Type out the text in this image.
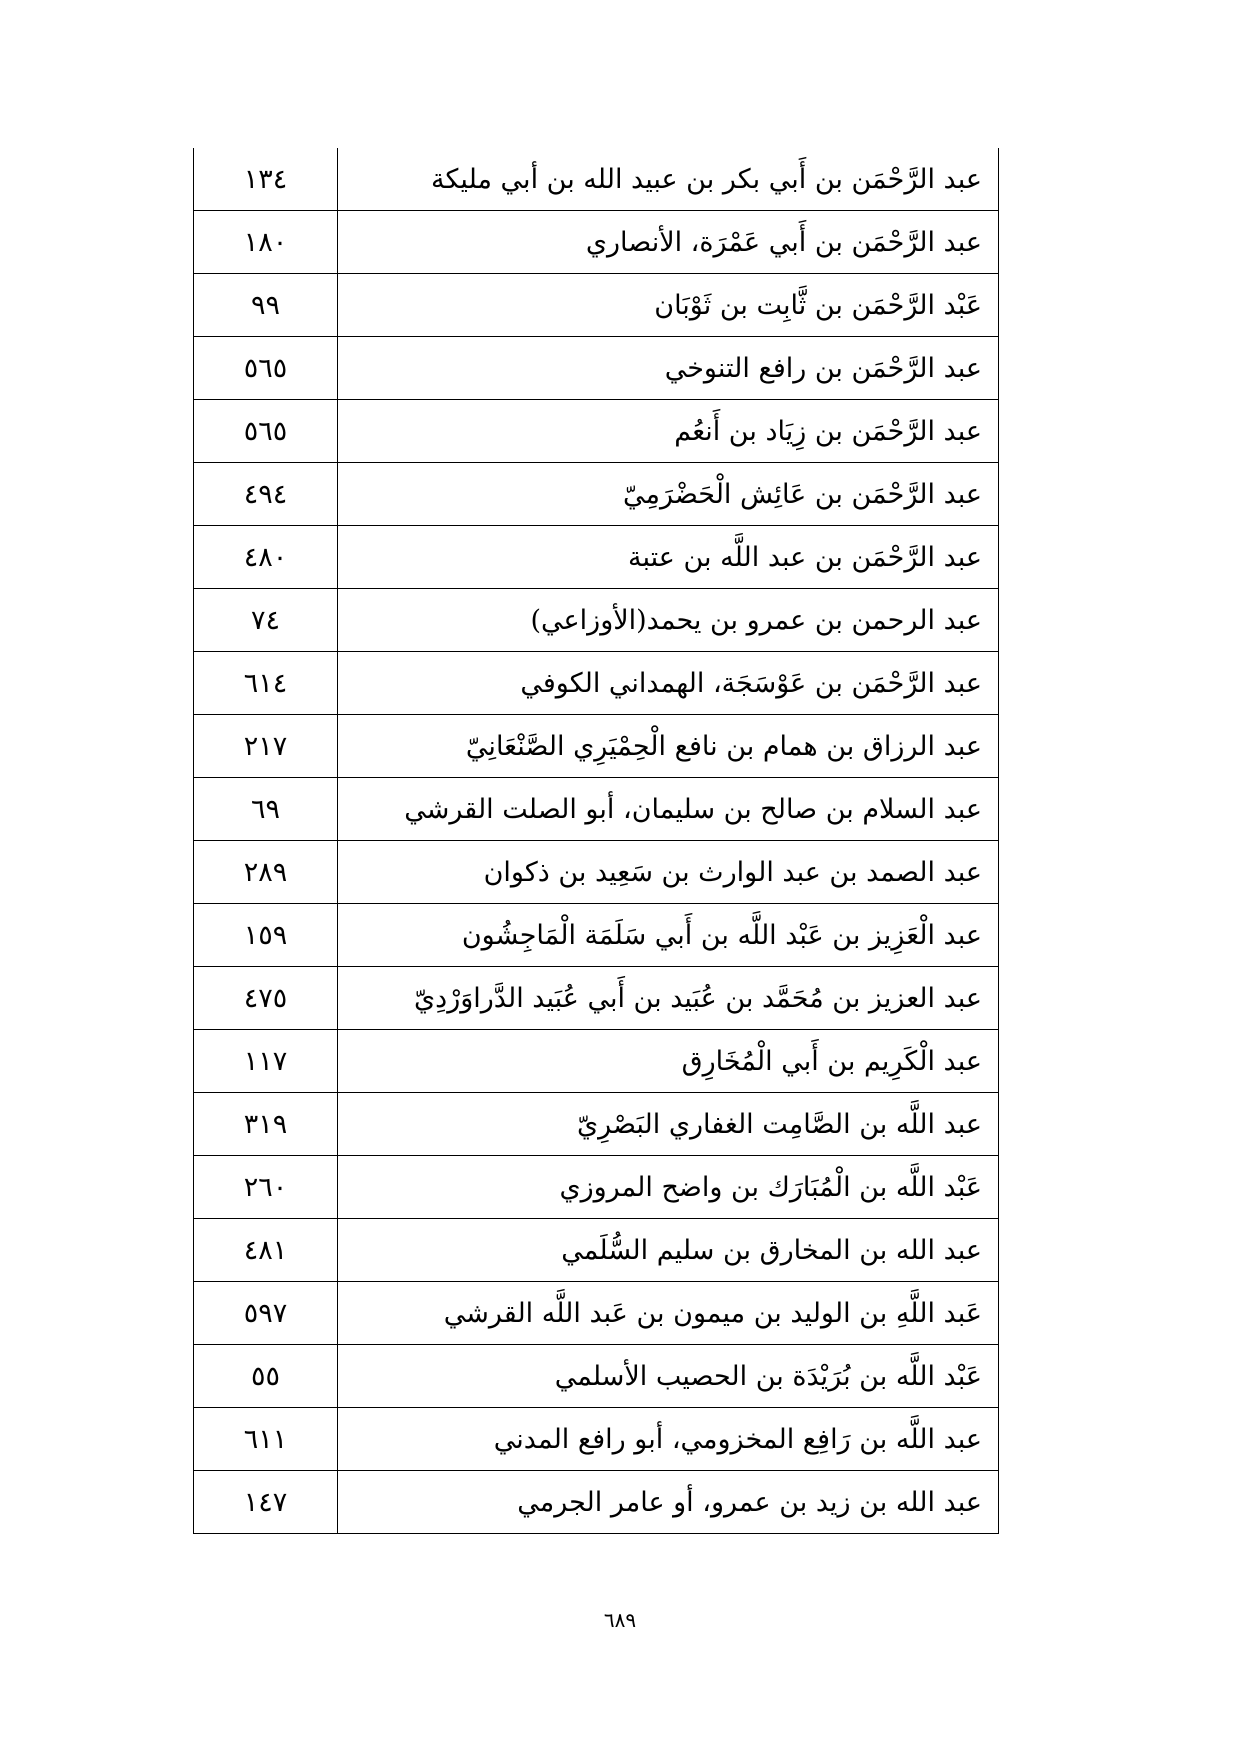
عبد الرَّحْمَن بن أَبي بكر بن عبيد الله بن أبي مليكة	١٣٤
عبد الرَّحْمَن بن أَبي عَمْرَة، الأنصاري	١٨٠
عَبْد الرَّحْمَن بن ثَّابِت بن ثَوْبَان	٩٩
عبد الرَّحْمَن بن رافع التنوخي	٥٦٥
عبد الرَّحْمَن بن زِيَاد بن أَنعُم	٥٦٥
عبد الرَّحْمَن بن عَائِش الْحَضْرَمِيّ	٤٩٤
عبد الرَّحْمَن بن عبد اللَّه بن عتبة	٤٨٠
عبد الرحمن بن عمرو بن يحمد(الأوزاعي)	٧٤
عبد الرَّحْمَن بن عَوْسَجَة، الهمداني الكوفي	٦١٤
عبد الرزاق بن همام بن نافع الْحِمْيَرِي الصَّنْعَانِيّ	٢١٧
عبد السلام بن صالح بن سليمان، أبو الصلت القرشي	٦٩
عبد الصمد بن عبد الوارث بن سَعِيد بن ذكوان	٢٨٩
عبد الْعَزِيز بن عَبْد اللَّه بن أَبي سَلَمَة الْمَاجِشُون	١٥٩
عبد العزيز بن مُحَمَّد بن عُبَيد بن أَبي عُبَيد الدَّراوَرْدِيّ	٤٧٥
عبد الْكَرِيم بن أَبي الْمُخَارِق	١١٧
عبد اللَّه بن الصَّامِت الغفاري البَصْرِيّ	٣١٩
عَبْد اللَّه بن الْمُبَارَك بن واضح المروزي	٢٦٠
عبد الله بن المخارق بن سليم السُّلَمي	٤٨١
عَبد اللَّهِ بن الوليد بن ميمون بن عَبد اللَّه القرشي	٥٩٧
عَبْد اللَّه بن بُرَيْدَة بن الحصيب الأسلمي	٥٥
عبد اللَّه بن رَافِع المخزومي، أبو رافع المدني	٦١١
عبد الله بن زيد بن عمرو، أو عامر الجرمي	١٤٧
٦٨٩
